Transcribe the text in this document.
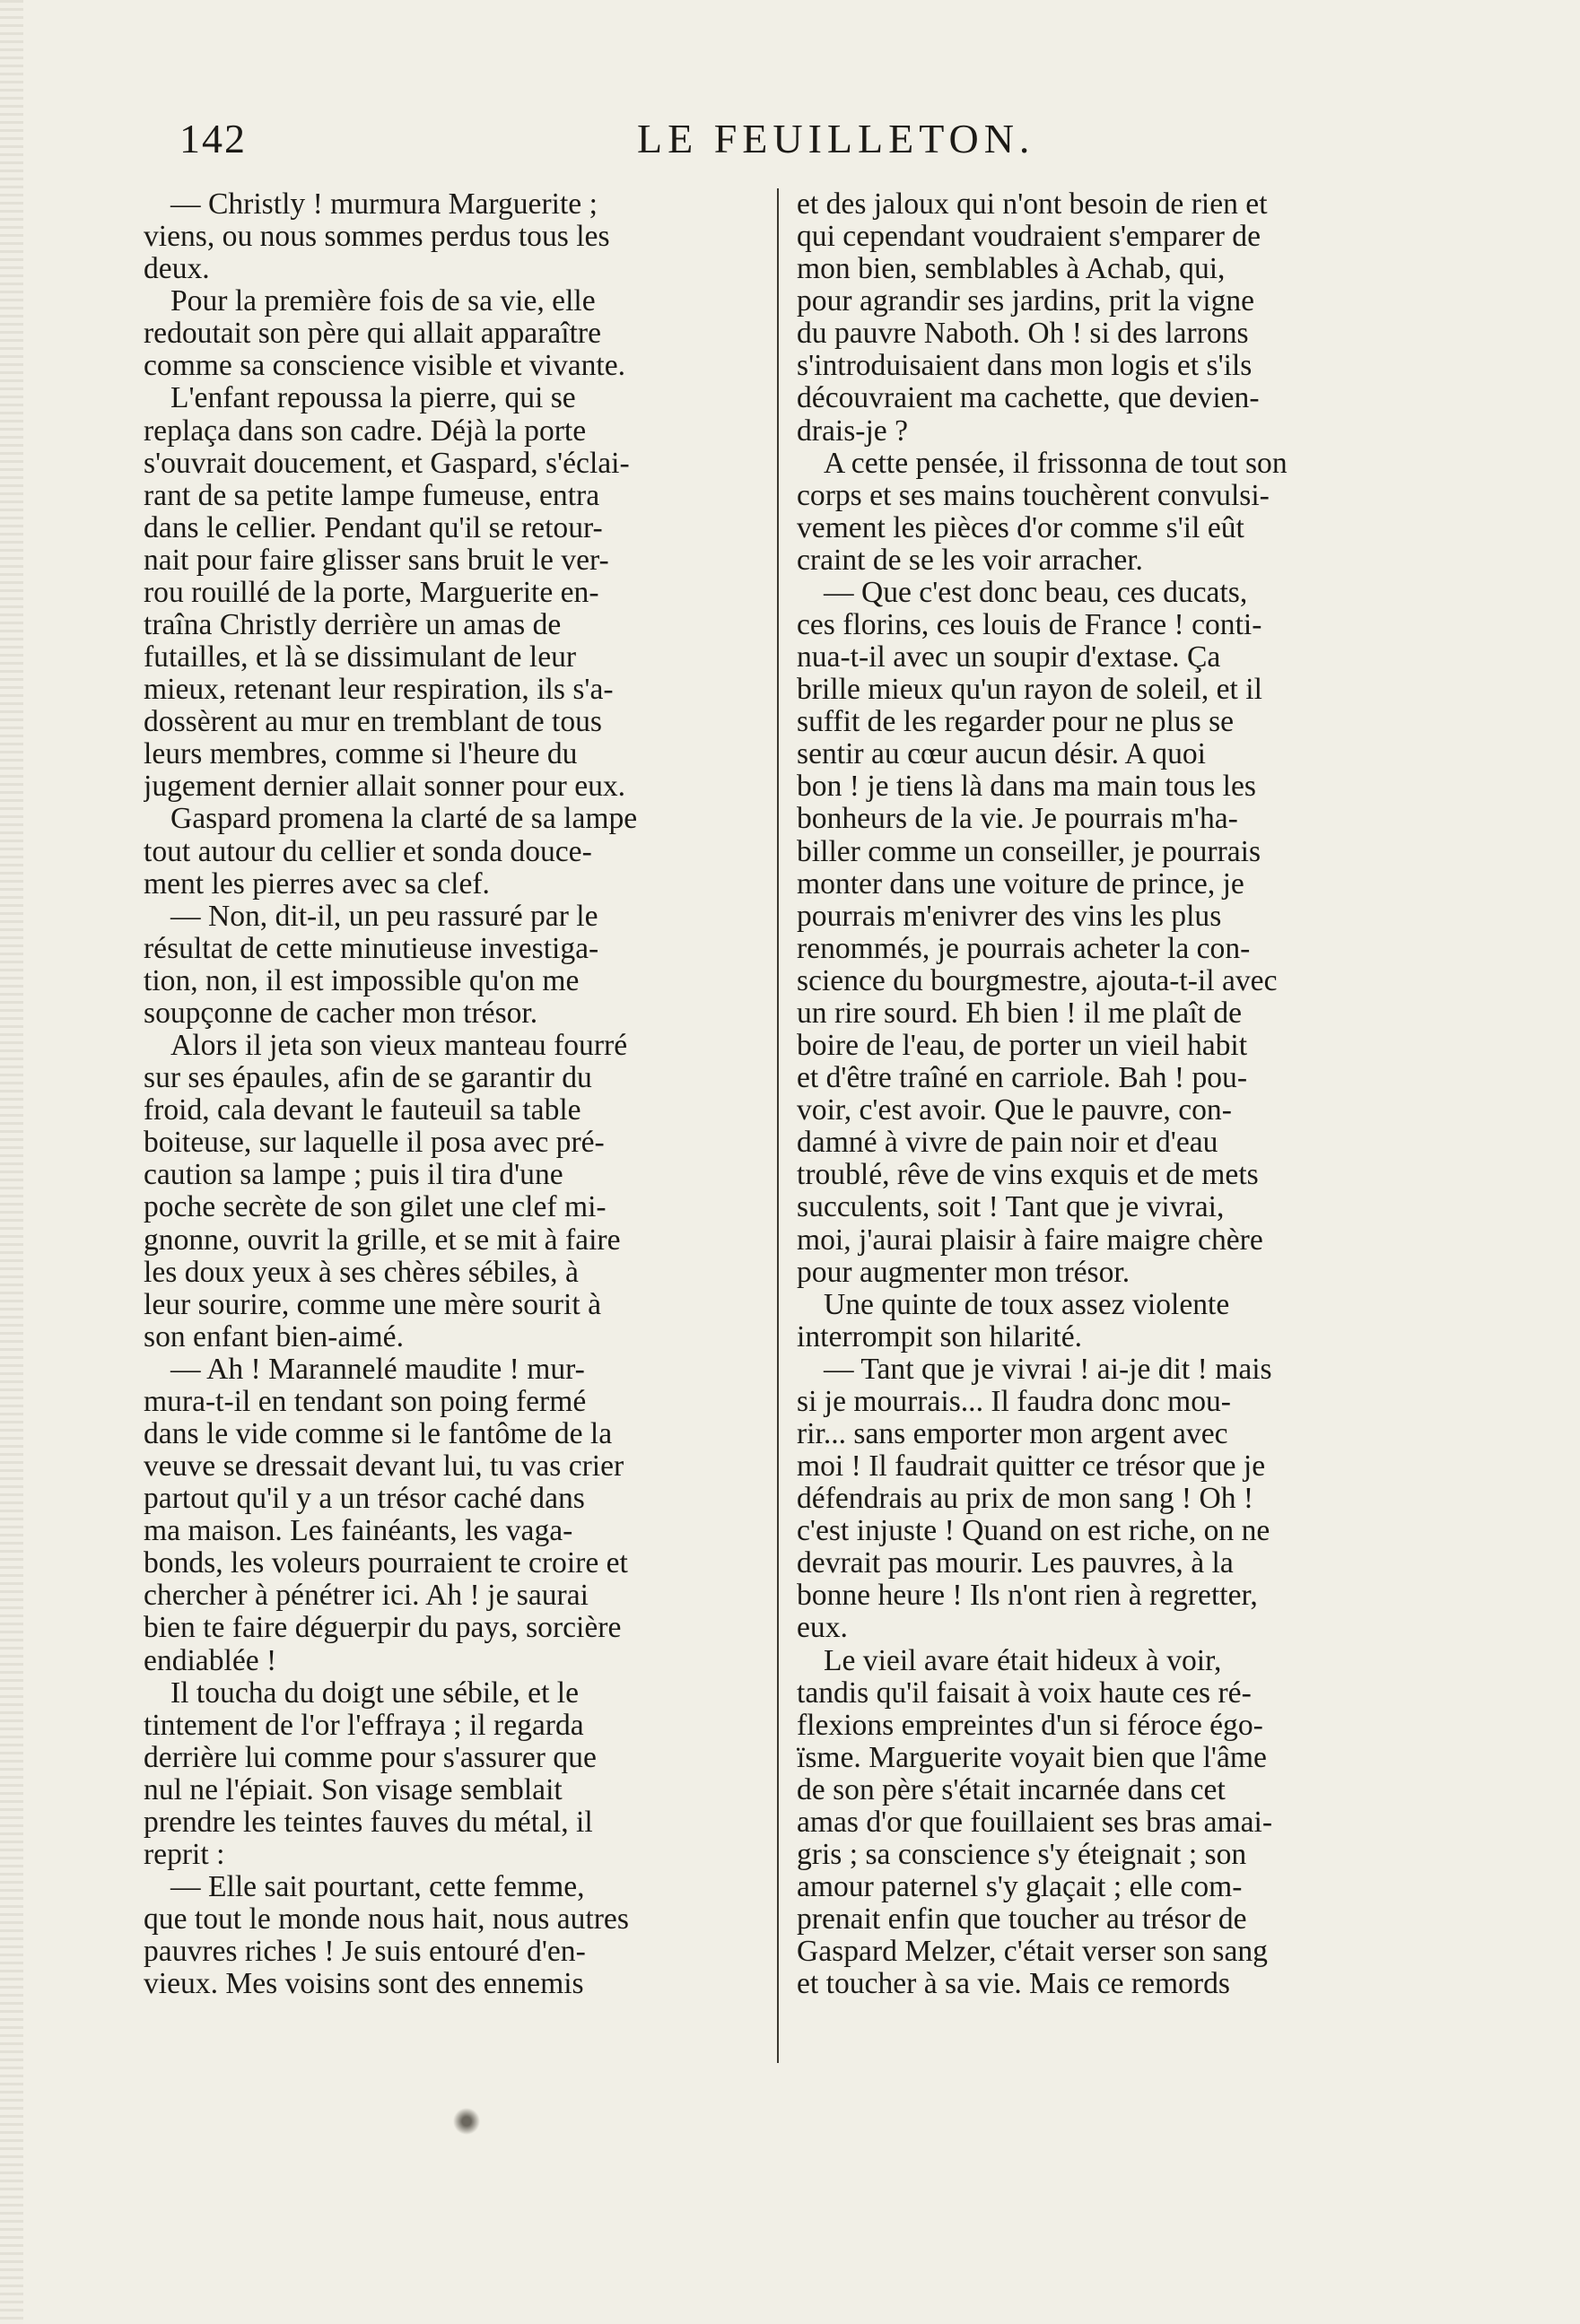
142	LE FEUILLETON.
— Christly ! murmura Marguerite ;
viens, ou nous sommes perdus tous les
deux.
Pour la première fois de sa vie, elle
redoutait son père qui allait apparaître
comme sa conscience visible et vivante.
L'enfant repoussa la pierre, qui se
replaça dans son cadre. Déjà la porte
s'ouvrait doucement, et Gaspard, s'éclai-
rant de sa petite lampe fumeuse, entra
dans le cellier. Pendant qu'il se retour-
nait pour faire glisser sans bruit le ver-
rou rouillé de la porte, Marguerite en-
traîna Christly derrière un amas de
futailles, et là se dissimulant de leur
mieux, retenant leur respiration, ils s'a-
dossèrent au mur en tremblant de tous
leurs membres, comme si l'heure du
jugement dernier allait sonner pour eux.
Gaspard promena la clarté de sa lampe
tout autour du cellier et sonda douce-
ment les pierres avec sa clef.
— Non, dit-il, un peu rassuré par le
résultat de cette minutieuse investiga-
tion, non, il est impossible qu'on me
soupçonne de cacher mon trésor.
Alors il jeta son vieux manteau fourré
sur ses épaules, afin de se garantir du
froid, cala devant le fauteuil sa table
boiteuse, sur laquelle il posa avec pré-
caution sa lampe ; puis il tira d'une
poche secrète de son gilet une clef mi-
gnonne, ouvrit la grille, et se mit à faire
les doux yeux à ses chères sébiles, à
leur sourire, comme une mère sourit à
son enfant bien-aimé.
— Ah ! Marannelé maudite ! mur-
mura-t-il en tendant son poing fermé
dans le vide comme si le fantôme de la
veuve se dressait devant lui, tu vas crier
partout qu'il y a un trésor caché dans
ma maison. Les fainéants, les vaga-
bonds, les voleurs pourraient te croire et
chercher à pénétrer ici. Ah ! je saurai
bien te faire déguerpir du pays, sorcière
endiablée !
Il toucha du doigt une sébile, et le
tintement de l'or l'effraya ; il regarda
derrière lui comme pour s'assurer que
nul ne l'épiait. Son visage semblait
prendre les teintes fauves du métal, il
reprit :
— Elle sait pourtant, cette femme,
que tout le monde nous hait, nous autres
pauvres riches ! Je suis entouré d'en-
vieux. Mes voisins sont des ennemis
et des jaloux qui n'ont besoin de rien et
qui cependant voudraient s'emparer de
mon bien, semblables à Achab, qui,
pour agrandir ses jardins, prit la vigne
du pauvre Naboth. Oh ! si des larrons
s'introduisaient dans mon logis et s'ils
découvraient ma cachette, que devien-
drais-je ?
A cette pensée, il frissonna de tout son
corps et ses mains touchèrent convulsi-
vement les pièces d'or comme s'il eût
craint de se les voir arracher.
— Que c'est donc beau, ces ducats,
ces florins, ces louis de France ! conti-
nua-t-il avec un soupir d'extase. Ça
brille mieux qu'un rayon de soleil, et il
suffit de les regarder pour ne plus se
sentir au cœur aucun désir. A quoi
bon ! je tiens là dans ma main tous les
bonheurs de la vie. Je pourrais m'ha-
biller comme un conseiller, je pourrais
monter dans une voiture de prince, je
pourrais m'enivrer des vins les plus
renommés, je pourrais acheter la con-
science du bourgmestre, ajouta-t-il avec
un rire sourd. Eh bien ! il me plaît de
boire de l'eau, de porter un vieil habit
et d'être traîné en carriole. Bah ! pou-
voir, c'est avoir. Que le pauvre, con-
damné à vivre de pain noir et d'eau
troublé, rêve de vins exquis et de mets
succulents, soit ! Tant que je vivrai,
moi, j'aurai plaisir à faire maigre chère
pour augmenter mon trésor.
Une quinte de toux assez violente
interrompit son hilarité.
— Tant que je vivrai ! ai-je dit ! mais
si je mourrais... Il faudra donc mou-
rir... sans emporter mon argent avec
moi ! Il faudrait quitter ce trésor que je
défendrais au prix de mon sang ! Oh !
c'est injuste ! Quand on est riche, on ne
devrait pas mourir. Les pauvres, à la
bonne heure ! Ils n'ont rien à regretter,
eux.
Le vieil avare était hideux à voir,
tandis qu'il faisait à voix haute ces ré-
flexions empreintes d'un si féroce égo-
ïsme. Marguerite voyait bien que l'âme
de son père s'était incarnée dans cet
amas d'or que fouillaient ses bras amai-
gris ; sa conscience s'y éteignait ; son
amour paternel s'y glaçait ; elle com-
prenait enfin que toucher au trésor de
Gaspard Melzer, c'était verser son sang
et toucher à sa vie. Mais ce remords
